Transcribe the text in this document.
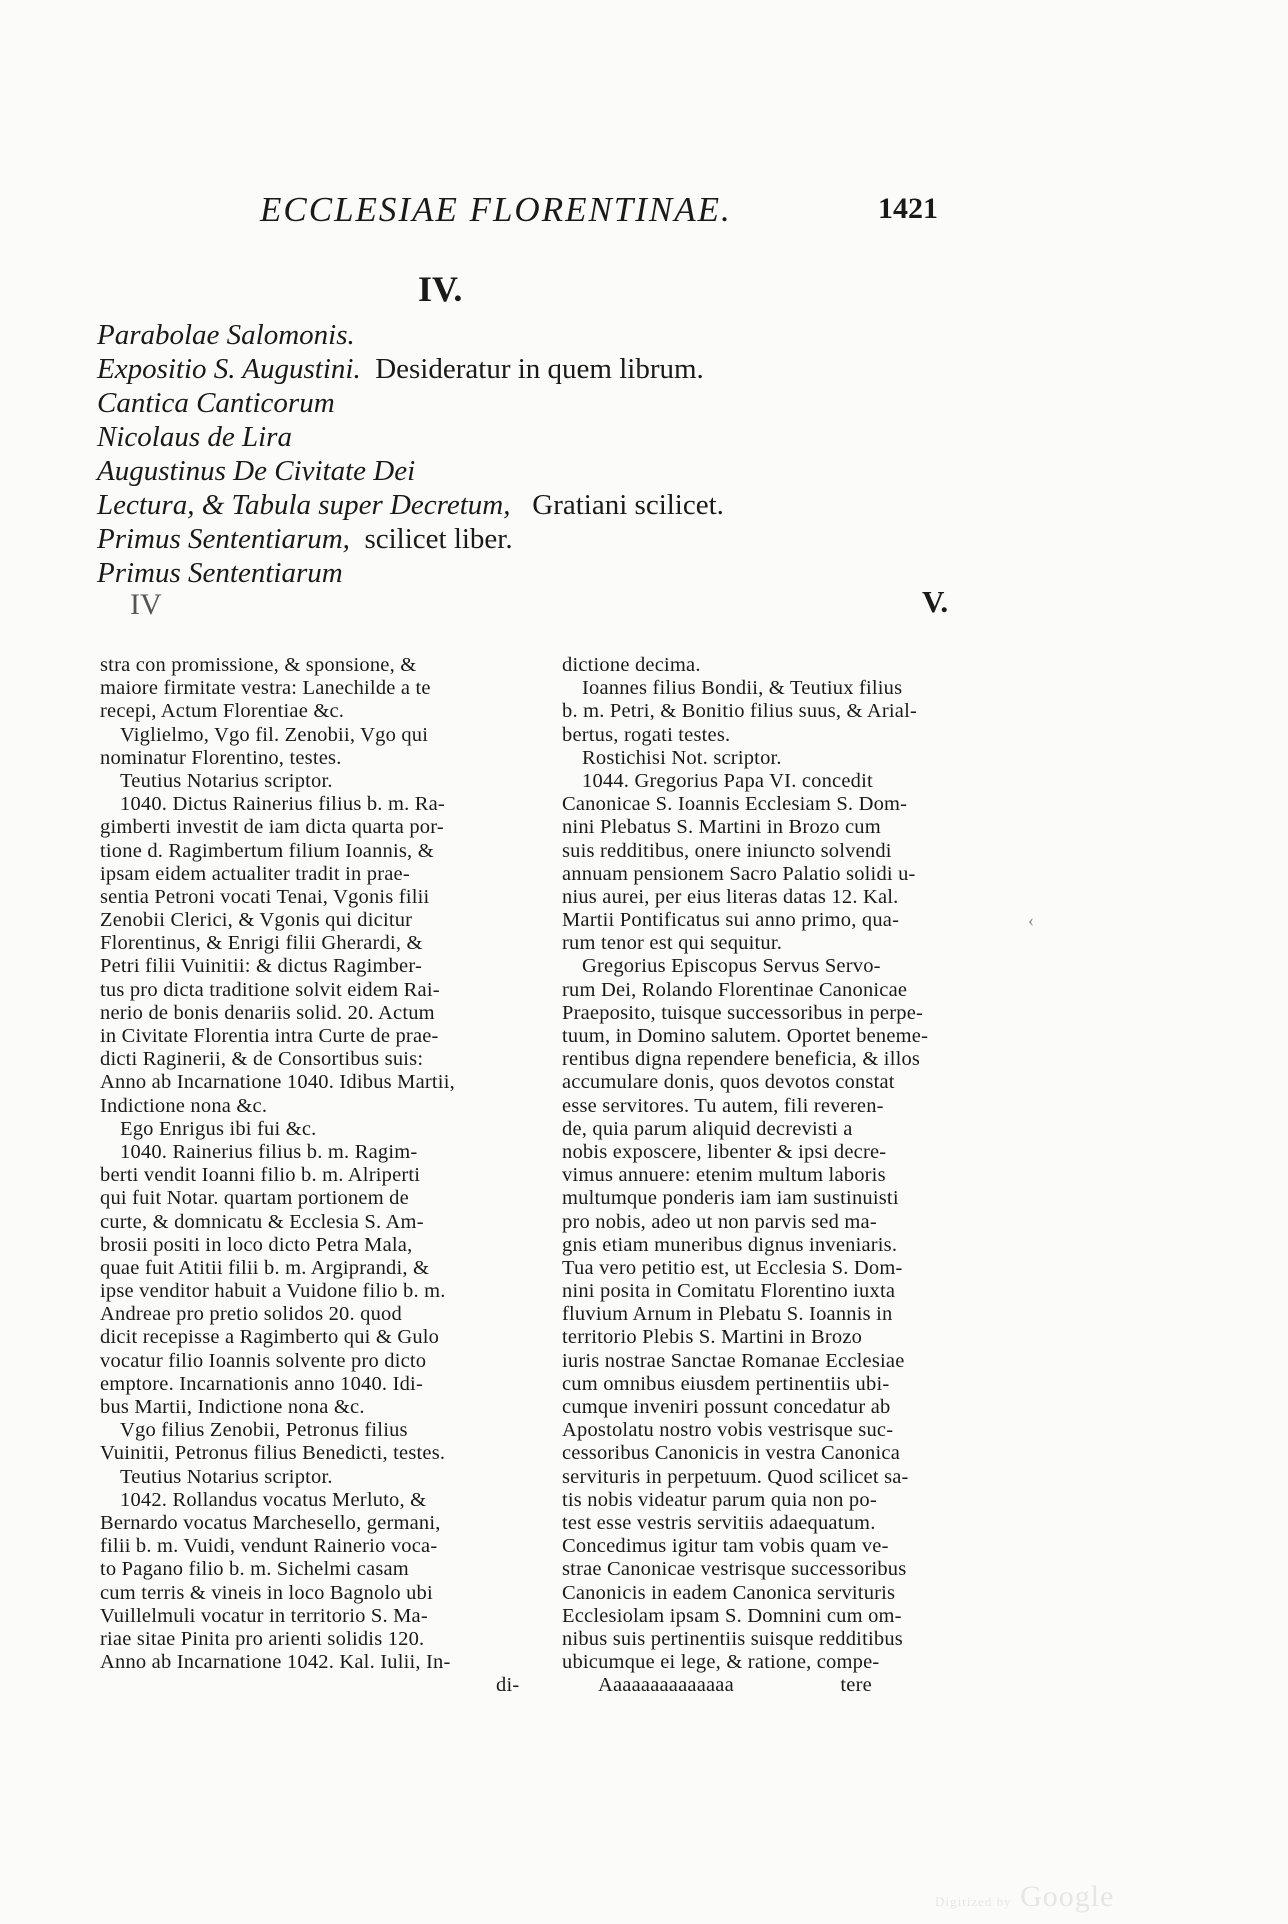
ECCLESIAE FLORENTINAE.	1421
IV.
Parabolae Salomonis.
Expositio S. Augustini. Desideratur in quem librum.
Cantica Canticorum
Nicolaus de Lira
Augustinus De Civitate Dei
Lectura, & Tabula super Decretum, Gratiani scilicet.
Primus Sententiarum, scilicet liber.
Primus Sententiarum
IV	V.
stra con promissione, & sponsione, &
maiore firmitate vestra: Lanechilde a te
recepi, Actum Florentiae &c.
Viglielmo, Vgo fil. Zenobii, Vgo qui
nominatur Florentino, testes.
Teutius Notarius scriptor.
1040. Dictus Rainerius filius b. m. Ra-
gimberti investit de iam dicta quarta por-
tione d. Ragimbertum filium Ioannis, &
ipsam eidem actualiter tradit in prae-
sentia Petroni vocati Tenai, Vgonis filii
Zenobii Clerici, & Vgonis qui dicitur
Florentinus, & Enrigi filii Gherardi, &
Petri filii Vuinitii: & dictus Ragimber-
tus pro dicta traditione solvit eidem Rai-
nerio de bonis denariis solid. 20. Actum
in Civitate Florentia intra Curte de prae-
dicti Raginerii, & de Consortibus suis:
Anno ab Incarnatione 1040. Idibus Martii,
Indictione nona &c.
Ego Enrigus ibi fui &c.
1040. Rainerius filius b. m. Ragim-
berti vendit Ioanni filio b. m. Alriperti
qui fuit Notar. quartam portionem de
curte, & domnicatu & Ecclesia S. Am-
brosii positi in loco dicto Petra Mala,
quae fuit Atitii filii b. m. Argiprandi, &
ipse venditor habuit a Vuidone filio b. m.
Andreae pro pretio solidos 20. quod
dicit recepisse a Ragimberto qui & Gulo
vocatur filio Ioannis solvente pro dicto
emptore. Incarnationis anno 1040. Idi-
bus Martii, Indictione nona &c.
Vgo filius Zenobii, Petronus filius
Vuinitii, Petronus filius Benedicti, testes.
Teutius Notarius scriptor.
1042. Rollandus vocatus Merluto, &
Bernardo vocatus Marchesello, germani,
filii b. m. Vuidi, vendunt Rainerio voca-
to Pagano filio b. m. Sichelmi casam
cum terris & vineis in loco Bagnolo ubi
Vuillelmuli vocatur in territorio S. Ma-
riae sitae Pinita pro arienti solidis 120.
Anno ab Incarnatione 1042. Kal. Iulii, In-
di-
dictione decima.
Ioannes filius Bondii, & Teutiux filius
b. m. Petri, & Bonitio filius suus, & Arial-
bertus, rogati testes.
Rostichisi Not. scriptor.
1044. Gregorius Papa VI. concedit
Canonicae S. Ioannis Ecclesiam S. Dom-
nini Plebatus S. Martini in Brozo cum
suis redditibus, onere iniuncto solvendi
annuam pensionem Sacro Palatio solidi u-
nius aurei, per eius literas datas 12. Kal.
Martii Pontificatus sui anno primo, qua-
rum tenor est qui sequitur.
Gregorius Episcopus Servus Servo-
rum Dei, Rolando Florentinae Canonicae
Praeposito, tuisque successoribus in perpe-
tuum, in Domino salutem. Oportet beneme-
rentibus digna rependere beneficia, & illos
accumulare donis, quos devotos constat
esse servitores. Tu autem, fili reveren-
de, quia parum aliquid decrevisti a
nobis exposcere, libenter & ipsi decre-
vimus annuere: etenim multum laboris
multumque ponderis iam iam sustinuisti
pro nobis, adeo ut non parvis sed ma-
gnis etiam muneribus dignus inveniaris.
Tua vero petitio est, ut Ecclesia S. Dom-
nini posita in Comitatu Florentino iuxta
fluvium Arnum in Plebatu S. Ioannis in
territorio Plebis S. Martini in Brozo
iuris nostrae Sanctae Romanae Ecclesiae
cum omnibus eiusdem pertinentiis ubi-
cumque inveniri possunt concedatur ab
Apostolatu nostro vobis vestrisque suc-
cessoribus Canonicis in vestra Canonica
servituris in perpetuum. Quod scilicet sa-
tis nobis videatur parum quia non po-
test esse vestris servitiis adaequatum.
Concedimus igitur tam vobis quam ve-
strae Canonicae vestrisque successoribus
Canonicis in eadem Canonica servituris
Ecclesiolam ipsam S. Domnini cum om-
nibus suis pertinentiis suisque redditibus
ubicumque ei lege, & ratione, compe-
Aaaaaaaaaaaaaa                    tere
‹
Digitized by Google
